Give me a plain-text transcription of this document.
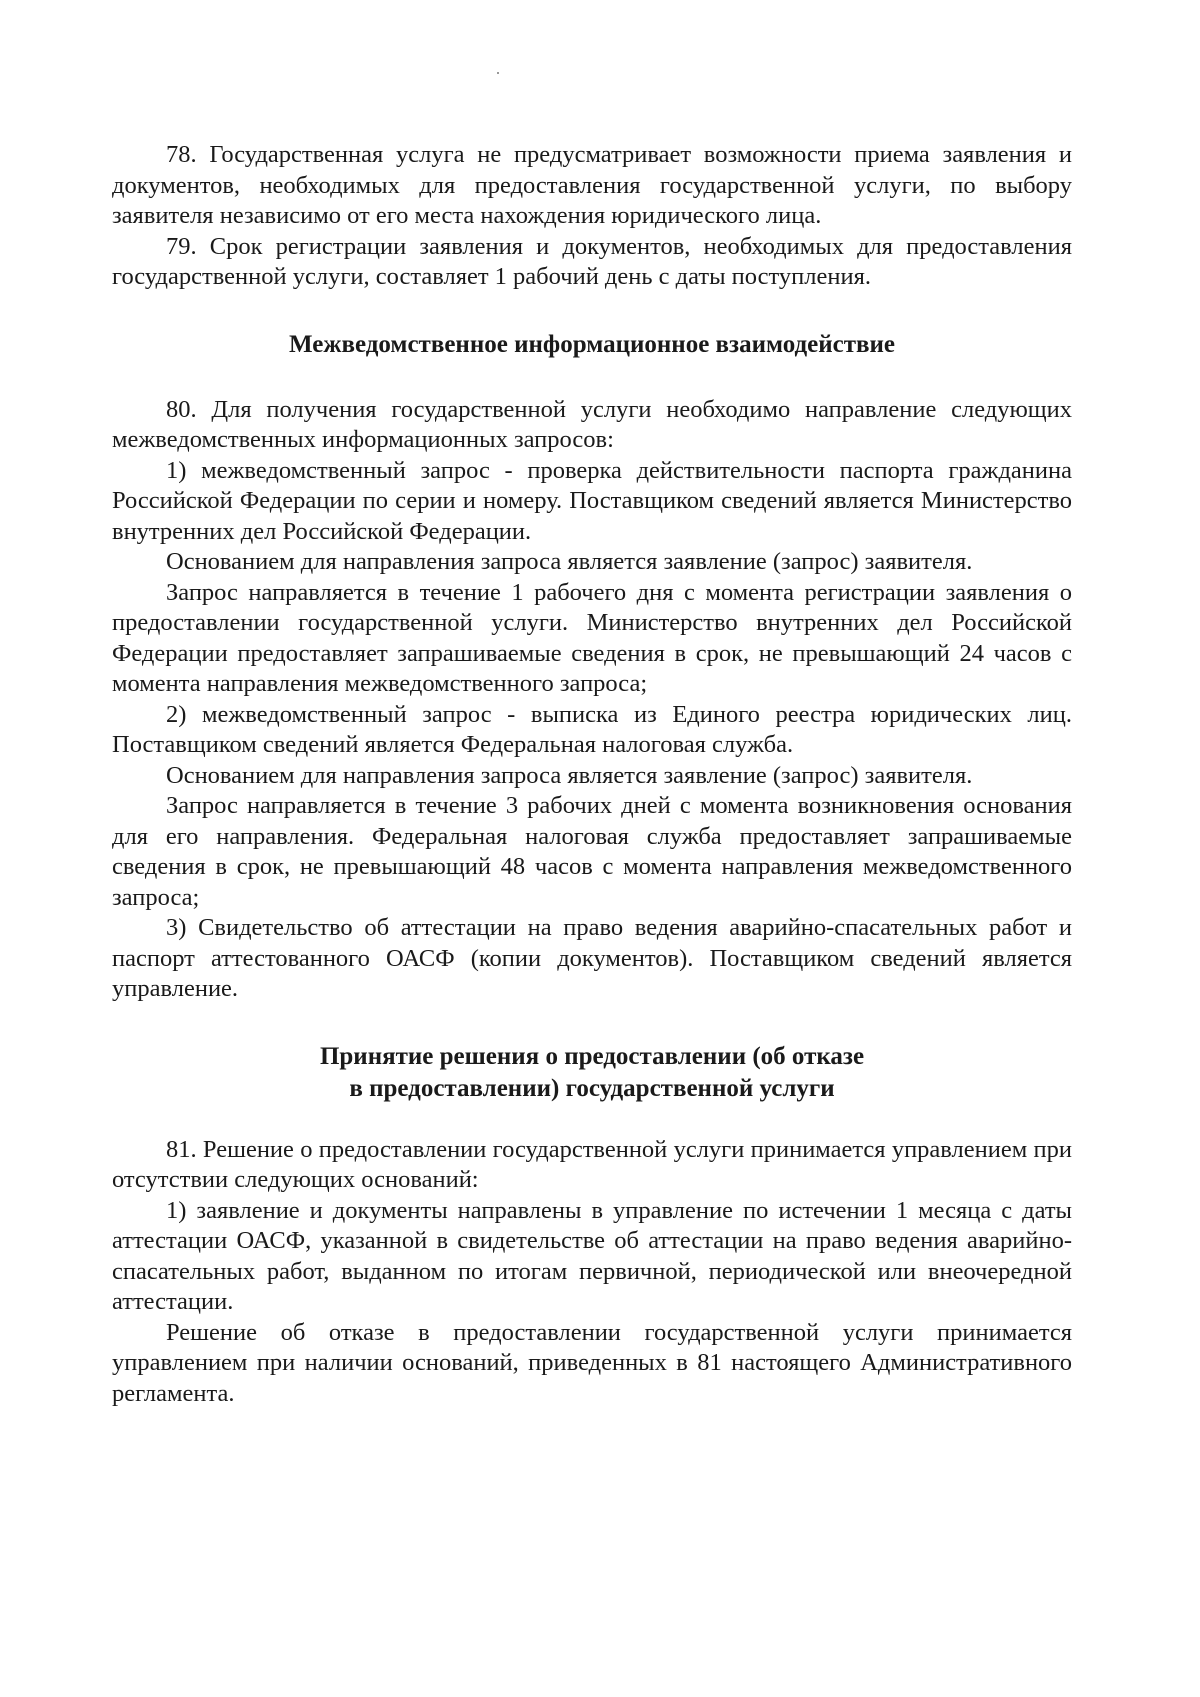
78. Государственная услуга не предусматривает возможности приема заявления и документов, необходимых для предоставления государственной услуги, по выбору заявителя независимо от его места нахождения юридического лица.

79. Срок регистрации заявления и документов, необходимых для предоставления государственной услуги, составляет 1 рабочий день с даты поступления.

Межведомственное информационное взаимодействие

80. Для получения государственной услуги необходимо направление следующих межведомственных информационных запросов:

1) межведомственный запрос - проверка действительности паспорта гражданина Российской Федерации по серии и номеру. Поставщиком сведений является Министерство внутренних дел Российской Федерации.

Основанием для направления запроса является заявление (запрос) заявителя.

Запрос направляется в течение 1 рабочего дня с момента регистрации заявления о предоставлении государственной услуги. Министерство внутренних дел Российской Федерации предоставляет запрашиваемые сведения в срок, не превышающий 24 часов с момента направления межведомственного запроса;

2) межведомственный запрос - выписка из Единого реестра юридических лиц. Поставщиком сведений является Федеральная налоговая служба.

Основанием для направления запроса является заявление (запрос) заявителя.

Запрос направляется в течение 3 рабочих дней с момента возникновения основания для его направления. Федеральная налоговая служба предоставляет запрашиваемые сведения в срок, не превышающий 48 часов с момента направления межведомственного запроса;

3) Свидетельство об аттестации на право ведения аварийно-спасательных работ и паспорт аттестованного ОАСФ (копии документов). Поставщиком сведений является управление.

Принятие решения о предоставлении (об отказе
в предоставлении) государственной услуги

81. Решение о предоставлении государственной услуги принимается управлением при отсутствии следующих оснований:

1) заявление и документы направлены в управление по истечении 1 месяца с даты аттестации ОАСФ, указанной в свидетельстве об аттестации на право ведения аварийно-спасательных работ, выданном по итогам первичной, периодической или внеочередной аттестации.

Решение об отказе в предоставлении государственной услуги принимается управлением при наличии оснований, приведенных в 81 настоящего Административного регламента.
